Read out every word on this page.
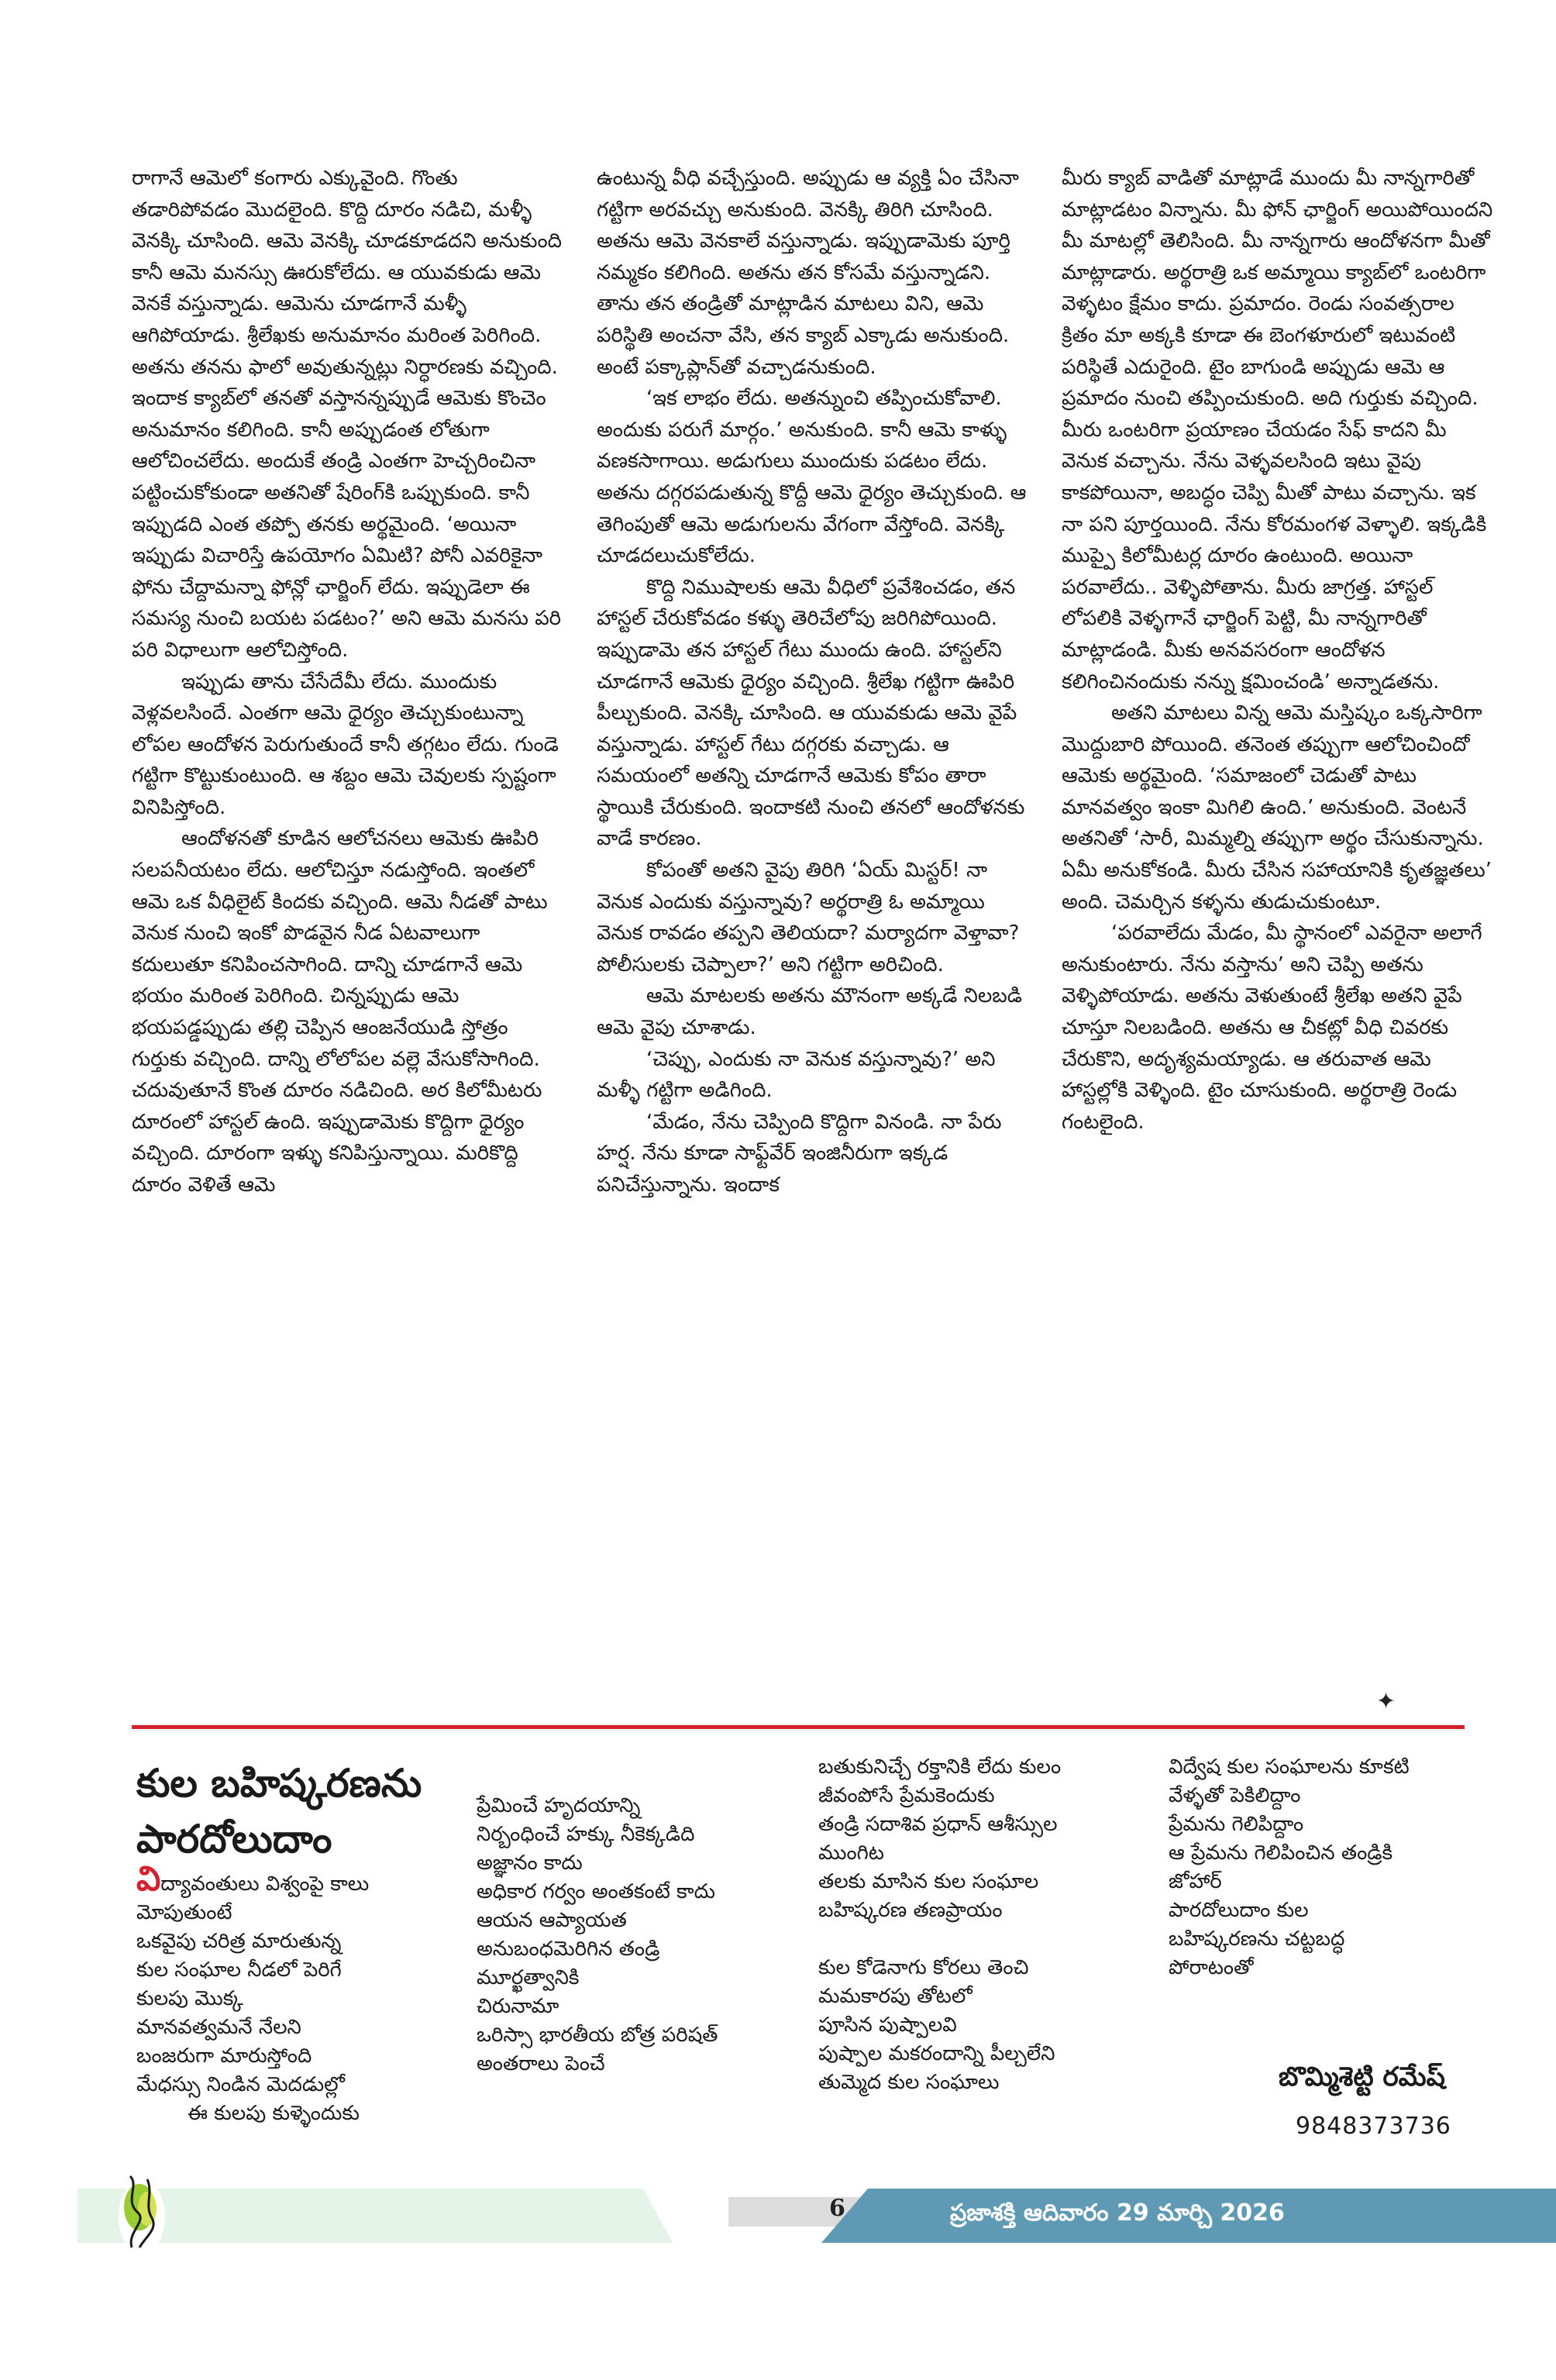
రాగానే ఆమెలో కంగారు ఎక్కువైంది. గొంతు తడారిపోవడం మొదలైంది. కొద్ది దూరం నడిచి, మళ్ళీ వెనక్కి చూసింది. ఆమె వెనక్కి చూడకూడదని అనుకుంది కానీ ఆమె మనస్సు ఊరుకోలేదు. ఆ యువకుడు ఆమె వెనకే వస్తున్నాడు. ఆమెను చూడగానే మళ్ళీ ఆగిపోయాడు. శ్రీలేఖకు అనుమానం మరింత పెరిగింది. అతను తనను ఫాలో అవుతున్నట్లు నిర్ధారణకు వచ్చింది. ఇందాక క్యాబ్‌లో తనతో వస్తానన్నప్పుడే ఆమెకు కొంచెం అనుమానం కలిగింది. కానీ అప్పుడంత లోతుగా ఆలోచించలేదు. అందుకే తండ్రి ఎంతగా హెచ్చరించినా పట్టించుకోకుండా అతనితో షేరింగ్‌కి ఒప్పుకుంది. కానీ ఇప్పుడది ఎంత తప్పో తనకు అర్థమైంది. ‘అయినా ఇప్పుడు విచారిస్తే ఉపయోగం ఏమిటి? పోనీ ఎవరికైనా ఫోను చేద్దామన్నా ఫోన్లో ఛార్జింగ్ లేదు. ఇప్పుడెలా ఈ సమస్య నుంచి బయట పడటం?’ అని ఆమె మనసు పరి పరి విధాలుగా ఆలోచిస్తోంది.

ఇప్పుడు తాను చేసేదేమీ లేదు. ముందుకు వెళ్లవలసిందే. ఎంతగా ఆమె ధైర్యం తెచ్చుకుంటున్నా లోపల ఆందోళన పెరుగుతుందే కానీ తగ్గటం లేదు. గుండె గట్టిగా కొట్టుకుంటుంది. ఆ శబ్దం ఆమె చెవులకు స్పష్టంగా వినిపిస్తోంది.

ఆందోళనతో కూడిన ఆలోచనలు ఆమెకు ఊపిరి సలపనీయటం లేదు. ఆలోచిస్తూ నడుస్తోంది. ఇంతలో ఆమె ఒక వీధిలైట్ కిందకు వచ్చింది. ఆమె నీడతో పాటు వెనుక నుంచి ఇంకో పొడవైన నీడ ఏటవాలుగా కదులుతూ కనిపించసాగింది. దాన్ని చూడగానే ఆమె భయం మరింత పెరిగింది. చిన్నప్పుడు ఆమె భయపడ్డప్పుడు తల్లి చెప్పిన ఆంజనేయుడి స్తోత్రం గుర్తుకు వచ్చింది. దాన్ని లోలోపల వల్లె వేసుకోసాగింది. చదువుతూనే కొంత దూరం నడిచింది. అర కిలోమీటరు దూరంలో హాస్టల్ ఉంది. ఇప్పుడామెకు కొద్దిగా ధైర్యం వచ్చింది. దూరంగా ఇళ్ళు కనిపిస్తున్నాయి. మరికొద్ది దూరం వెళితే ఆమె

ఉంటున్న వీధి వచ్చేస్తుంది. అప్పుడు ఆ వ్యక్తి ఏం చేసినా గట్టిగా అరవచ్చు అనుకుంది. వెనక్కి తిరిగి చూసింది. అతను ఆమె వెనకాలే వస్తున్నాడు. ఇప్పుడామెకు పూర్తి నమ్మకం కలిగింది. అతను తన కోసమే వస్తున్నాడని. తాను తన తండ్రితో మాట్లాడిన మాటలు విని, ఆమె పరిస్థితి అంచనా వేసి, తన క్యాబ్ ఎక్కాడు అనుకుంది. అంటే పక్కాప్లాన్‌తో వచ్చాడనుకుంది.

‘ఇక లాభం లేదు. అతన్నుంచి తప్పించుకోవాలి. అందుకు పరుగే మార్గం.’ అనుకుంది. కానీ ఆమె కాళ్ళు వణకసాగాయి. అడుగులు ముందుకు పడటం లేదు. అతను దగ్గరపడుతున్న కొద్దీ ఆమె ధైర్యం తెచ్చుకుంది. ఆ తెగింపుతో ఆమె అడుగులను వేగంగా వేస్తోంది. వెనక్కి చూడదలుచుకోలేదు.

కొద్ది నిముషాలకు ఆమె వీధిలో ప్రవేశించడం, తన హాస్టల్ చేరుకోవడం కళ్ళు తెరిచేలోపు జరిగిపోయింది. ఇప్పుడామె తన హాస్టల్ గేటు ముందు ఉంది. హాస్టల్‌ని చూడగానే ఆమెకు ధైర్యం వచ్చింది. శ్రీలేఖ గట్టిగా ఊపిరి పీల్చుకుంది. వెనక్కి చూసింది. ఆ యువకుడు ఆమె వైపే వస్తున్నాడు. హాస్టల్ గేటు దగ్గరకు వచ్చాడు. ఆ సమయంలో అతన్ని చూడగానే ఆమెకు కోపం తారా స్థాయికి చేరుకుంది. ఇందాకటి నుంచి తనలో ఆందోళనకు వాడే కారణం.

కోపంతో అతని వైపు తిరిగి ‘ఏయ్ మిస్టర్! నా వెనుక ఎందుకు వస్తున్నావు? అర్థరాత్రి ఓ అమ్మాయి వెనుక రావడం తప్పని తెలియదా? మర్యాదగా వెళ్తావా? పోలీసులకు చెప్పాలా?’ అని గట్టిగా అరిచింది.

ఆమె మాటలకు అతను మౌనంగా అక్కడే నిలబడి ఆమె వైపు చూశాడు.

‘చెప్పు, ఎందుకు నా వెనుక వస్తున్నావు?’ అని మళ్ళీ గట్టిగా అడిగింది.

‘మేడం, నేను చెప్పింది కొద్దిగా వినండి. నా పేరు హర్ష. నేను కూడా సాఫ్ట్‌వేర్ ఇంజినీరుగా ఇక్కడ పనిచేస్తున్నాను. ఇందాక

మీరు క్యాబ్ వాడితో మాట్లాడే ముందు మీ నాన్నగారితో మాట్లాడటం విన్నాను. మీ ఫోన్ ఛార్జింగ్ అయిపోయిందని మీ మాటల్లో తెలిసింది. మీ నాన్నగారు ఆందోళనగా మీతో మాట్లాడారు. అర్థరాత్రి ఒక అమ్మాయి క్యాబ్‌లో ఒంటరిగా వెళ్ళటం క్షేమం కాదు. ప్రమాదం. రెండు సంవత్సరాల క్రితం మా అక్కకి కూడా ఈ బెంగళూరులో ఇటువంటి పరిస్థితే ఎదురైంది. టైం బాగుండి అప్పుడు ఆమె ఆ ప్రమాదం నుంచి తప్పించుకుంది. అది గుర్తుకు వచ్చింది. మీరు ఒంటరిగా ప్రయాణం చేయడం సేఫ్ కాదని మీ వెనుక వచ్చాను. నేను వెళ్ళవలసింది ఇటు వైపు కాకపోయినా, అబద్ధం చెప్పి మీతో పాటు వచ్చాను. ఇక నా పని పూర్తయింది. నేను కోరమంగళ వెళ్ళాలి. ఇక్కడికి ముప్పై కిలోమీటర్ల దూరం ఉంటుంది. అయినా పరవాలేదు.. వెళ్ళిపోతాను. మీరు జాగ్రత్త. హాస్టల్ లోపలికి వెళ్ళగానే ఛార్జింగ్ పెట్టి, మీ నాన్నగారితో మాట్లాడండి. మీకు అనవసరంగా ఆందోళన కలిగించినందుకు నన్ను క్షమించండి’ అన్నాడతను.

అతని మాటలు విన్న ఆమె మస్తిష్కం ఒక్కసారిగా మొద్దుబారి పోయింది. తనెంత తప్పుగా ఆలోచించిందో ఆమెకు అర్థమైంది. ‘సమాజంలో చెడుతో పాటు మానవత్వం ఇంకా మిగిలి ఉంది.’ అనుకుంది. వెంటనే అతనితో ‘సారీ, మిమ్మల్ని తప్పుగా అర్థం చేసుకున్నాను. ఏమీ అనుకోకండి. మీరు చేసిన సహాయానికి కృతజ్ఞతలు’ అంది. చెమర్చిన కళ్ళను తుడుచుకుంటూ.

‘పరవాలేదు మేడం, మీ స్థానంలో ఎవరైనా అలాగే అనుకుంటారు. నేను వస్తాను’ అని చెప్పి అతను వెళ్ళిపోయాడు. అతను వెళుతుంటే శ్రీలేఖ అతని వైపే చూస్తూ నిలబడింది. అతను ఆ చీకట్లో వీధి చివరకు చేరుకొని, అదృశ్యమయ్యాడు. ఆ తరువాత ఆమె హాస్టల్లోకి వెళ్ళింది. టైం చూసుకుంది. అర్థరాత్రి రెండు గంటలైంది.

✦
కుల బహిష్కరణను పారదోలుదాం
విద్యావంతులు విశ్వంపై కాలు
మోపుతుంటే
ఒకవైపు చరిత్ర మారుతున్న
కుల సంఘాల నీడలో పెరిగే
కులపు మొక్క
మానవత్వమనే నేలని
బంజరుగా మారుస్తోంది
మేధస్సు నిండిన మెదడుల్లో
ఈ కులపు కుళ్ళెందుకు
ప్రేమించే హృదయాన్ని
నిర్బంధించే హక్కు నీకెక్కడిది
అజ్ఞానం కాదు
అధికార గర్వం అంతకంటే కాదు
ఆయన ఆప్యాయత
అనుబంధమెరిగిన తండ్రి
మూర్ఖత్వానికి
చిరునామా
ఒరిస్సా భారతీయ బోత్ర పరిషత్
అంతరాలు పెంచే
బతుకునిచ్చే రక్తానికి లేదు కులం
జీవంపోసే ప్రేమకెందుకు
తండ్రి సదాశివ ప్రధాన్ ఆశీస్సుల
ముంగిట
తలకు మాసిన కుల సంఘాల
బహిష్కరణ తణప్రాయం

కుల కోడెనాగు కోరలు తెంచి
మమకారపు తోటలో
పూసిన పుష్పాలవి
పుష్పాల మకరందాన్ని పీల్చలేని
తుమ్మెద కుల సంఘాలు
విద్వేష కుల సంఘాలను కూకటి
వేళ్ళతో పెకిలిద్దాం
ప్రేమను గెలిపిద్దాం
ఆ ప్రేమను గెలిపించిన తండ్రికి
జోహార్
పారదోలుదాం కుల
బహిష్కరణను చట్టబద్ధ
పోరాటంతో
బొమ్మిశెట్టి రమేష్
9848373736
6	ప్రజాశక్తి ఆదివారం 29 మార్చి 2026
